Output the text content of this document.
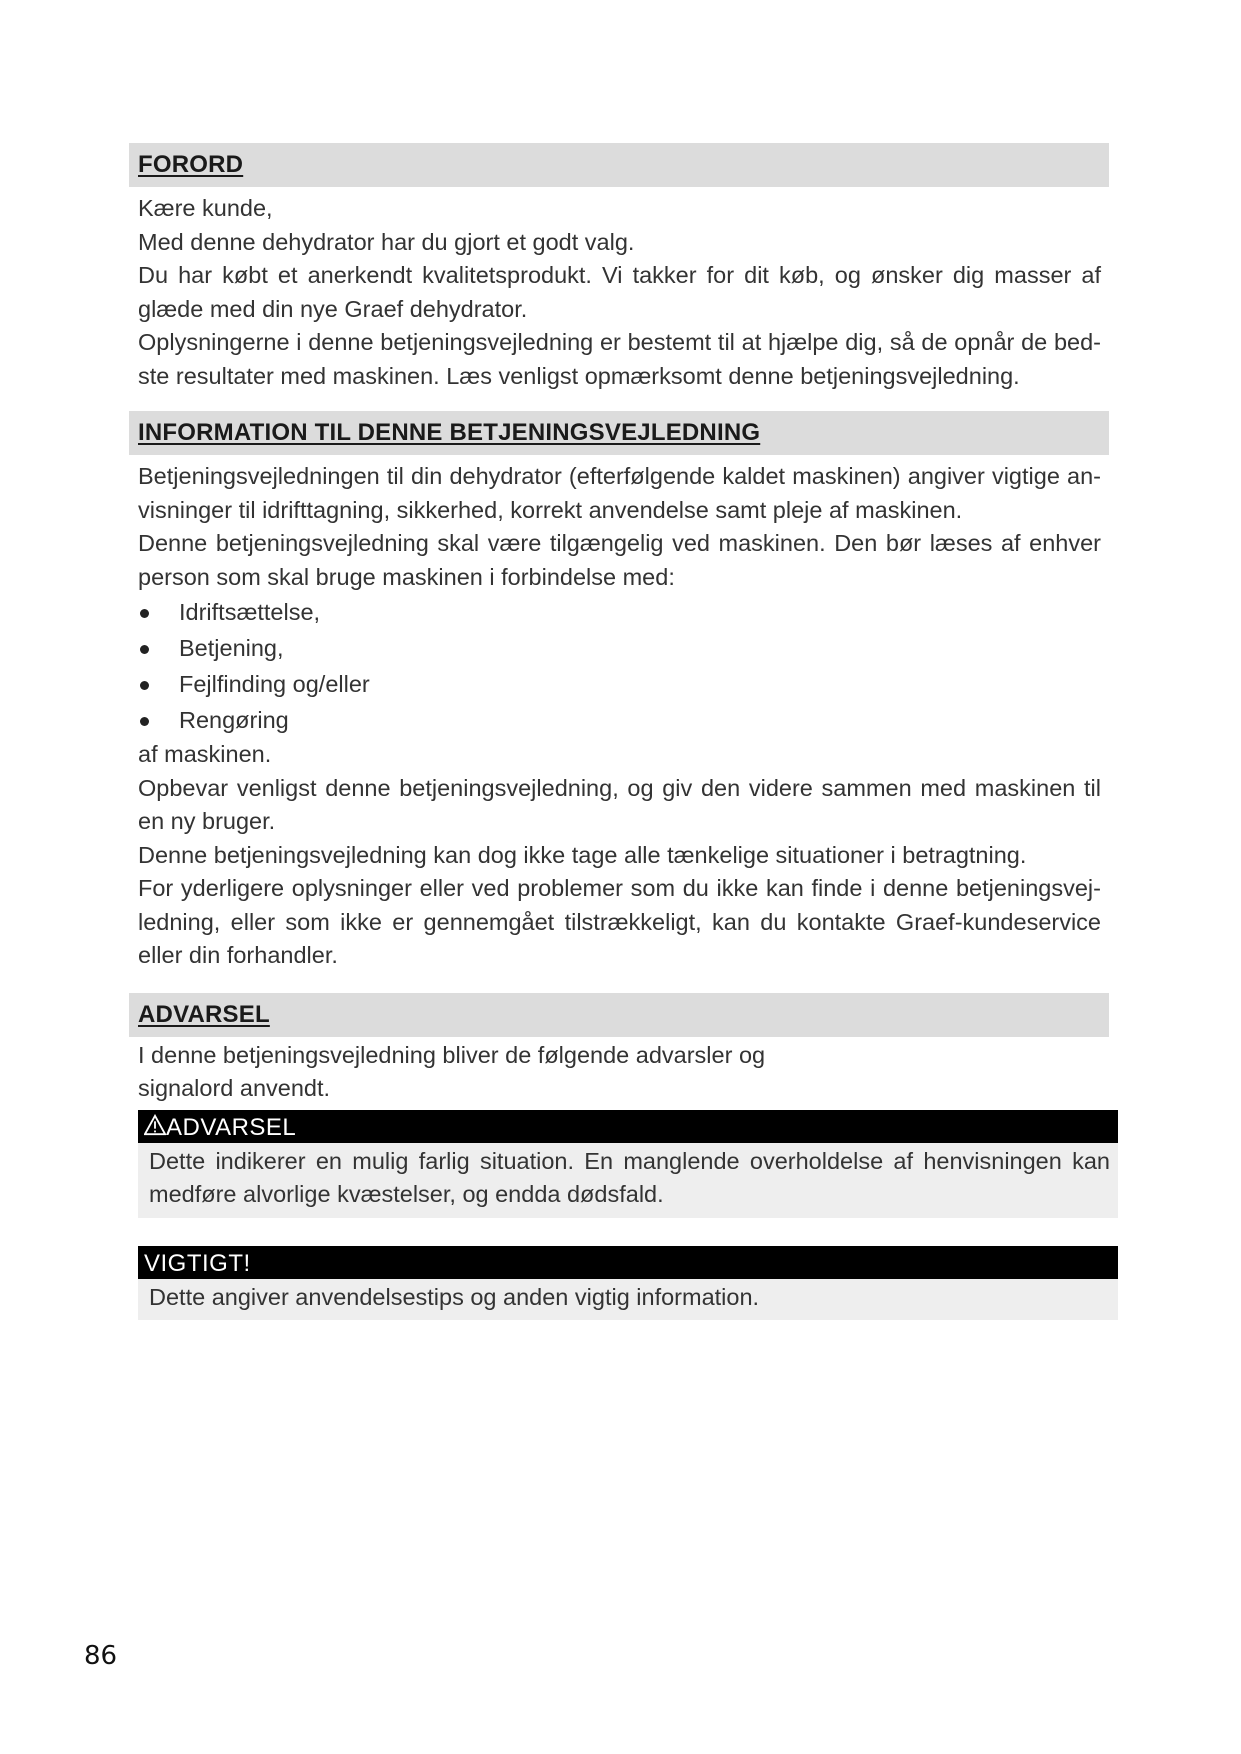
FORORD

Kære kunde,

Med denne dehydrator har du gjort et godt valg.

Du har købt et anerkendt kvalitetsprodukt. Vi takker for dit køb, og ønsker dig masser af glæde med din nye Graef dehydrator.

Oplysningerne i denne betjeningsvejledning er bestemt til at hjælpe dig, så de opnår de bedste resultater med maskinen. Læs venligst opmærksomt denne betjeningsvejledning.

INFORMATION TIL DENNE BETJENINGSVEJLEDNING

Betjeningsvejledningen til din dehydrator (efterfølgende kaldet maskinen) angiver vigtige anvisninger til idrifttagning, sikkerhed, korrekt anvendelse samt pleje af maskinen.

Denne betjeningsvejledning skal være tilgængelig ved maskinen. Den bør læses af enhver person som skal bruge maskinen i forbindelse med:

Idriftsættelse,
Betjening,
Fejlfinding og/eller
Rengøring

af maskinen.

Opbevar venligst denne betjeningsvejledning, og giv den videre sammen med maskinen til en ny bruger.

Denne betjeningsvejledning kan dog ikke tage alle tænkelige situationer i betragtning.

For yderligere oplysninger eller ved problemer som du ikke kan finde i denne betjeningsvejledning, eller som ikke er gennemgået tilstrækkeligt, kan du kontakte Graef-kundeservice eller din forhandler.

ADVARSEL

I denne betjeningsvejledning bliver de følgende advarsler og

signalord anvendt.

ADVARSEL
Dette indikerer en mulig farlig situation. En manglende overholdelse af henvisningen kan medføre alvorlige kvæstelser, og endda dødsfald.
VIGTIGT!
Dette angiver anvendelsestips og anden vigtig information.
86
